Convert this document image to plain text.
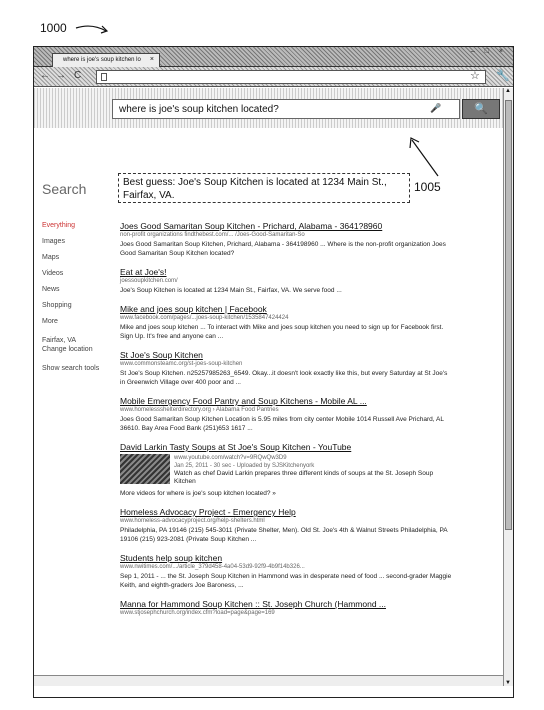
1000
where is joe's soup kitchen lo ×
– □ ×
← → C	☆ 🔧
where is joe's soup kitchen located?	🎤	🔍
Search	Best guess: Joe's Soup Kitchen is located at 1234 Main St., Fairfax, VA.
Everything
Images
Maps
Videos
News
Shopping
More
Fairfax, VA
Change location
Show search tools
Joes Good Samaritan Soup Kitchen - Prichard, Alabama - 3641?8960
non-profit organizations findthebest.com/... /Joes-Good-Samaritan-So
Joes Good Samaritan Soup Kitchen, Prichard, Alabama - 364198960 ... Where is the non-profit organization Joes Good Samaritan Soup Kitchen located?
Eat at Joe's!
joessoupkitchen.com/
Joe's Soup Kitchen is located at 1234 Main St., Fairfax, VA. We serve food ...
Mike and joes soup kitchen | Facebook
www.facebook.com/pages/...joes-soup-kitchen/1535847424424
Mike and joes soup kitchen ... To interact with Mike and joes soup kitchen you need to sign up for Facebook first. Sign Up. It's free and anyone can ...
St Joe's Soup Kitchen
www.commonsteamc.org/st-joes-soup-kitchen
St Joe's Soup Kitchen. n25257985263_6549. Okay...it doesn't look exactly like this, but every Saturday at St Joe's in Greenwich Village over 400 poor and ...
Mobile Emergency Food Pantry and Soup Kitchens - Mobile AL ...
www.homelessshelterdirectory.org › Alabama Food Pantries
Joes Good Samaritan Soup Kitchen Location is 5.95 miles from city center Mobile 1014 Russell Ave Prichard, AL 36610. Bay Area Food Bank (251)653 1617 ...
David Larkin Tasty Soups at St Joe's Soup Kitchen - YouTube
www.youtube.com/watch?v=9RQwQw3D9
Jan 25, 2011 - 30 sec - Uploaded by SJSKitchenyork
Watch as chef David Larkin prepares three different kinds of soups at the St. Joseph Soup Kitchen
More videos for where is joe's soup kitchen located? »
Homeless Advocacy Project - Emergency Help
www.homeless-advocacyproject.org/help-shelters.html
Philadelphia, PA 19146 (215) 545-3011 (Private Shelter, Men). Old St. Joe's 4th & Walnut Streets Philadelphia, PA 19106 (215) 923-2081 (Private Soup Kitchen ...
Students help soup kitchen
www.nwitimes.com/.../article_379d458-4a04-53d9-92f9-4b9f14b326...
Sep 1, 2011 - ... the St. Joseph Soup Kitchen in Hammond was in desperate need of food ... second-grader Maggie Keith, and eighth-graders Joe Baroness, ...
Manna for Hammond Soup Kitchen :: St. Joseph Church (Hammond ...
www.stjosephchurch.org/index.cfm?load=page&page=169
▲
▼
1005
